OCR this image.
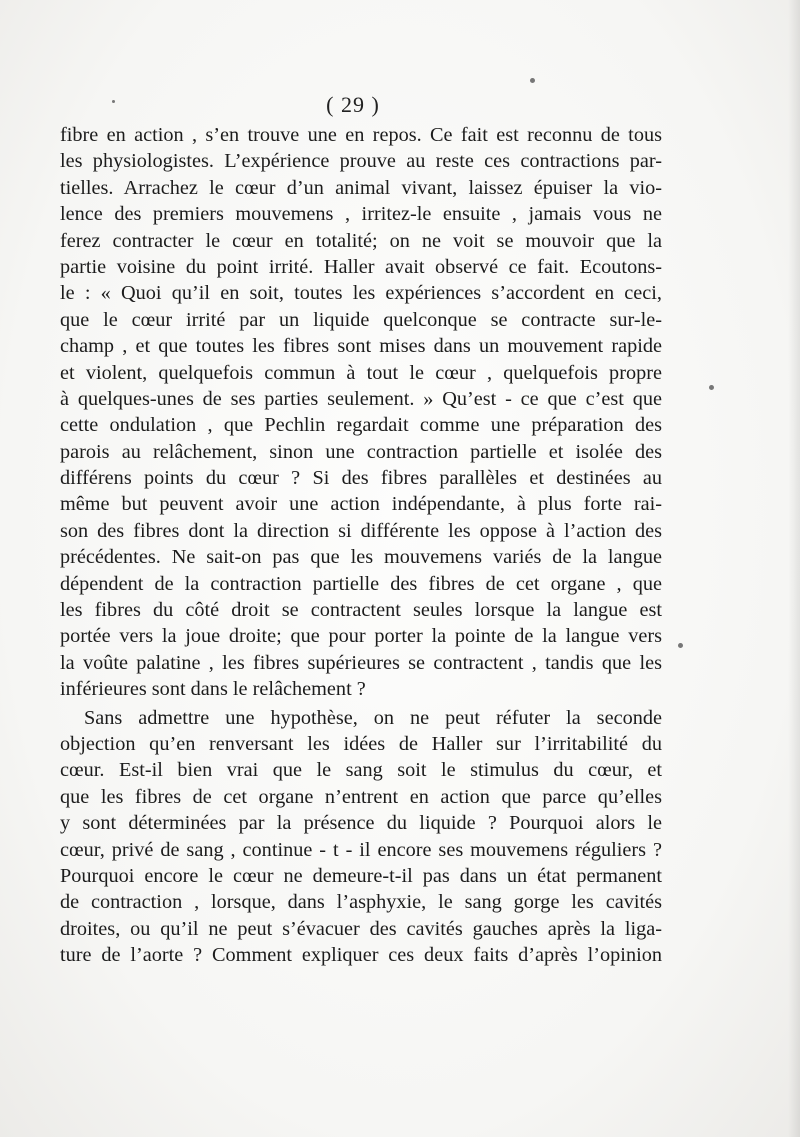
( 29 )
fibre en action , s’en trouve une en repos. Ce fait est reconnu de tous
les physiologistes. L’expérience prouve au reste ces contractions par-
tielles. Arrachez le cœur d’un animal vivant, laissez épuiser la vio-
lence des premiers mouvemens , irritez-le ensuite , jamais vous ne
ferez contracter le cœur en totalité; on ne voit se mouvoir que la
partie voisine du point irrité. Haller avait observé ce fait. Ecoutons-
le : « Quoi qu’il en soit, toutes les expériences s’accordent en ceci,
que le cœur irrité par un liquide quelconque se contracte sur-le-
champ , et que toutes les fibres sont mises dans un mouvement rapide
et violent, quelquefois commun à tout le cœur , quelquefois propre
à quelques-unes de ses parties seulement. » Qu’est - ce que c’est que
cette ondulation , que Pechlin regardait comme une préparation des
parois au relâchement, sinon une contraction partielle et isolée des
différens points du cœur ? Si des fibres parallèles et destinées au
même but peuvent avoir une action indépendante, à plus forte rai-
son des fibres dont la direction si différente les oppose à l’action des
précédentes. Ne sait-on pas que les mouvemens variés de la langue
dépendent de la contraction partielle des fibres de cet organe , que
les fibres du côté droit se contractent seules lorsque la langue est
portée vers la joue droite; que pour porter la pointe de la langue vers
la voûte palatine , les fibres supérieures se contractent , tandis que les
inférieures sont dans le relâchement ?
Sans admettre une hypothèse, on ne peut réfuter la seconde
objection qu’en renversant les idées de Haller sur l’irritabilité du
cœur. Est-il bien vrai que le sang soit le stimulus du cœur, et
que les fibres de cet organe n’entrent en action que parce qu’elles
y sont déterminées par la présence du liquide ? Pourquoi alors le
cœur, privé de sang , continue - t - il encore ses mouvemens réguliers ?
Pourquoi encore le cœur ne demeure-t-il pas dans un état permanent
de contraction , lorsque, dans l’asphyxie, le sang gorge les cavités
droites, ou qu’il ne peut s’évacuer des cavités gauches après la liga-
ture de l’aorte ? Comment expliquer ces deux faits d’après l’opinion
